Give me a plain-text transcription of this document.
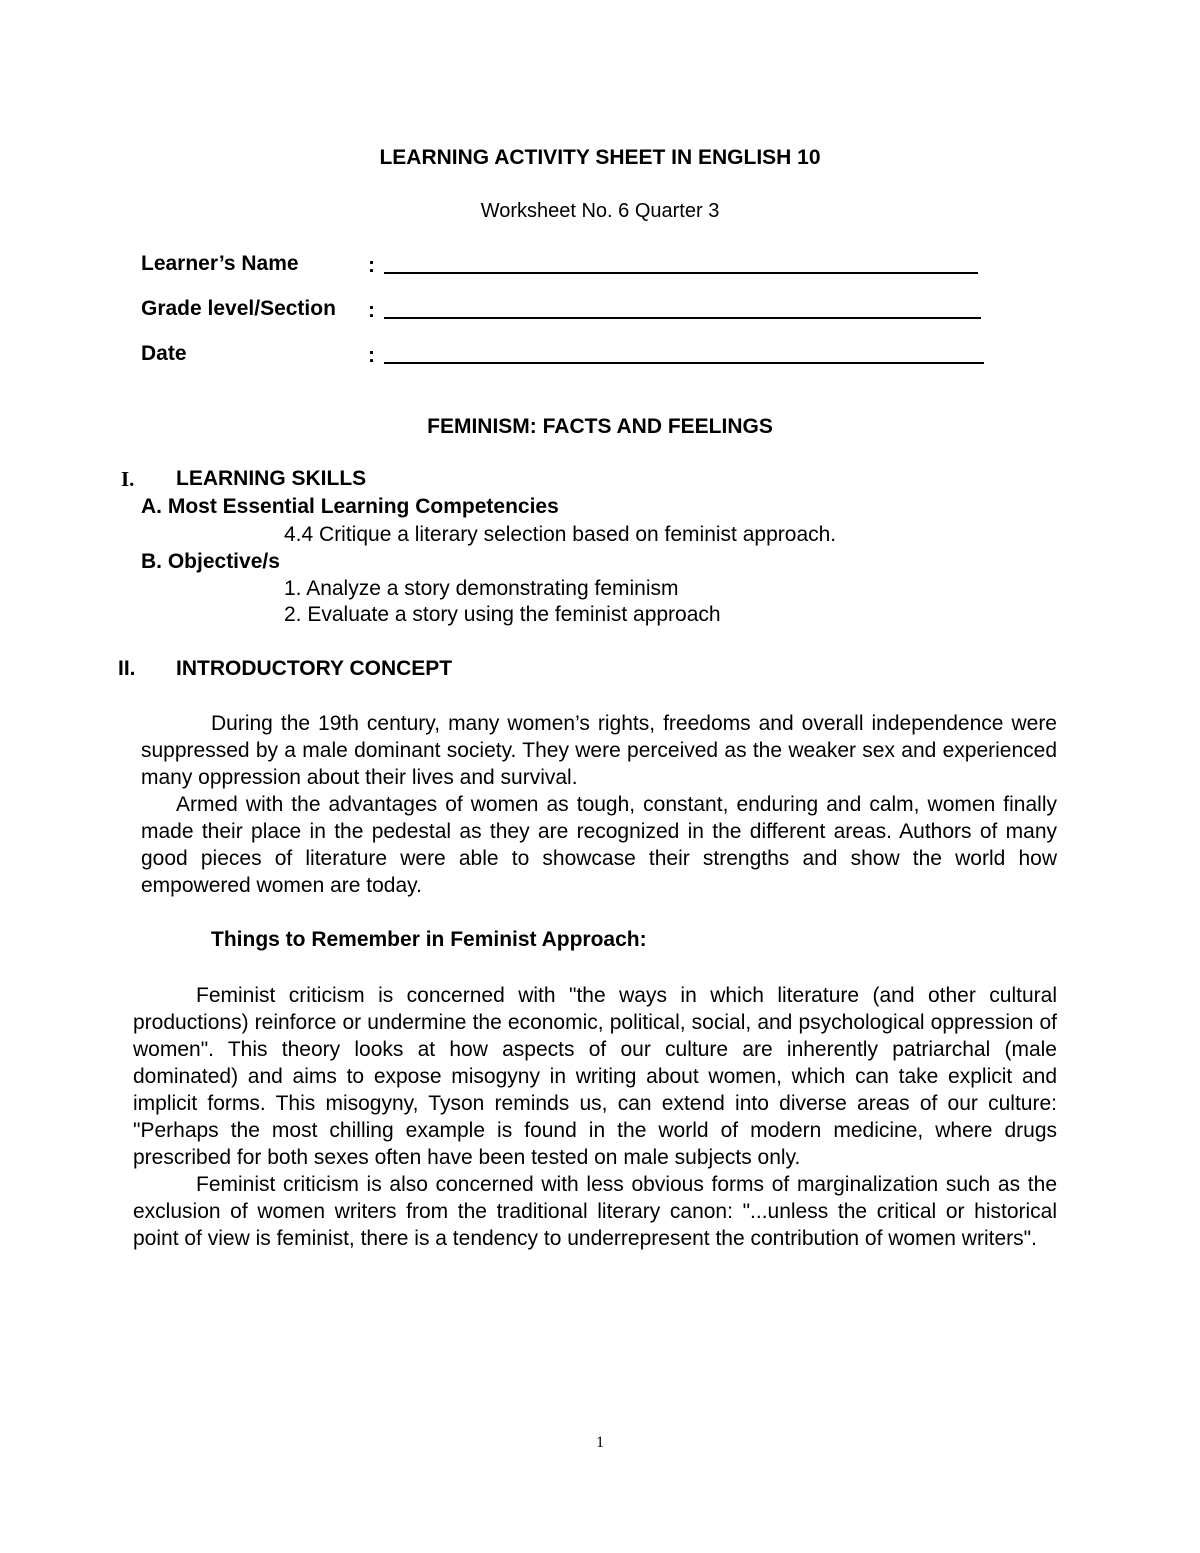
LEARNING ACTIVITY SHEET IN ENGLISH 10
Worksheet No. 6 Quarter 3
Learner’s Name	:
Grade level/Section :
Date	:
FEMINISM: FACTS AND FEELINGS
I. LEARNING SKILLS
A. Most Essential Learning Competencies
4.4 Critique a literary selection based on feminist approach.
B. Objective/s
1. Analyze a story demonstrating feminism
2. Evaluate a story using the feminist approach
II. INTRODUCTORY CONCEPT

During the 19th century, many women’s rights, freedoms and overall independence were suppressed by a male dominant society. They were perceived as the weaker sex and experienced many oppression about their lives and survival.

Armed with the advantages of women as tough, constant, enduring and calm, women finally made their place in the pedestal as they are recognized in the different areas. Authors of many good pieces of literature were able to showcase their strengths and show the world how empowered women are today.

Things to Remember in Feminist Approach:

Feminist criticism is concerned with "the ways in which literature (and other cultural productions) reinforce or undermine the economic, political, social, and psychological oppression of women". This theory looks at how aspects of our culture are inherently patriarchal (male dominated) and aims to expose misogyny in writing about women, which can take explicit and implicit forms. This misogyny, Tyson reminds us, can extend into diverse areas of our culture: "Perhaps the most chilling example is found in the world of modern medicine, where drugs prescribed for both sexes often have been tested on male subjects only.

Feminist criticism is also concerned with less obvious forms of marginalization such as the exclusion of women writers from the traditional literary canon: "...unless the critical or historical point of view is feminist, there is a tendency to underrepresent the contribution of women writers".

1
